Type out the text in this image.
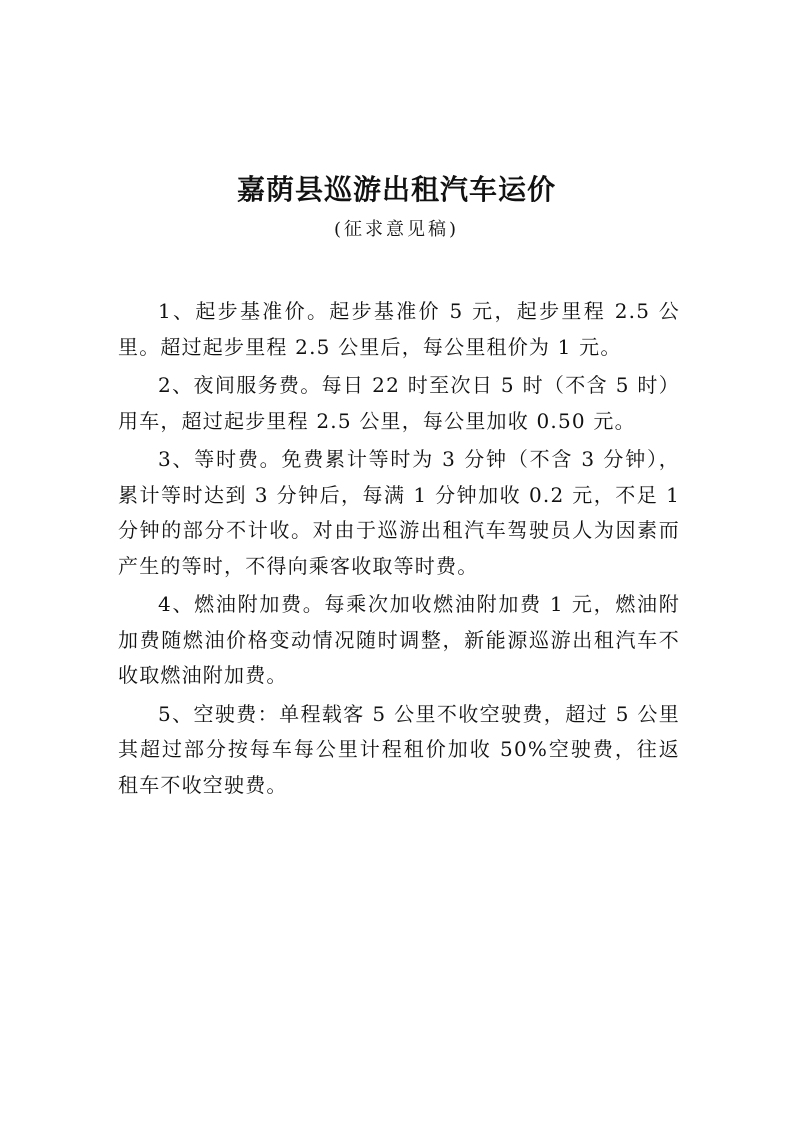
嘉荫县巡游出租汽车运价
(征求意见稿)

1、起步基准价。起步基准价 5 元，起步里程 2.5 公里。超过起步里程 2.5 公里后，每公里租价为 1 元。

2、夜间服务费。每日 22 时至次日 5 时（不含 5 时）用车，超过起步里程 2.5 公里，每公里加收 0.50 元。

3、等时费。免费累计等时为 3 分钟（不含 3 分钟），累计等时达到 3 分钟后，每满 1 分钟加收 0.2 元，不足 1 分钟的部分不计收。对由于巡游出租汽车驾驶员人为因素而产生的等时，不得向乘客收取等时费。

4、燃油附加费。每乘次加收燃油附加费 1 元，燃油附加费随燃油价格变动情况随时调整，新能源巡游出租汽车不收取燃油附加费。

5、空驶费：单程载客 5 公里不收空驶费，超过 5 公里其超过部分按每车每公里计程租价加收 50%空驶费，往返租车不收空驶费。
